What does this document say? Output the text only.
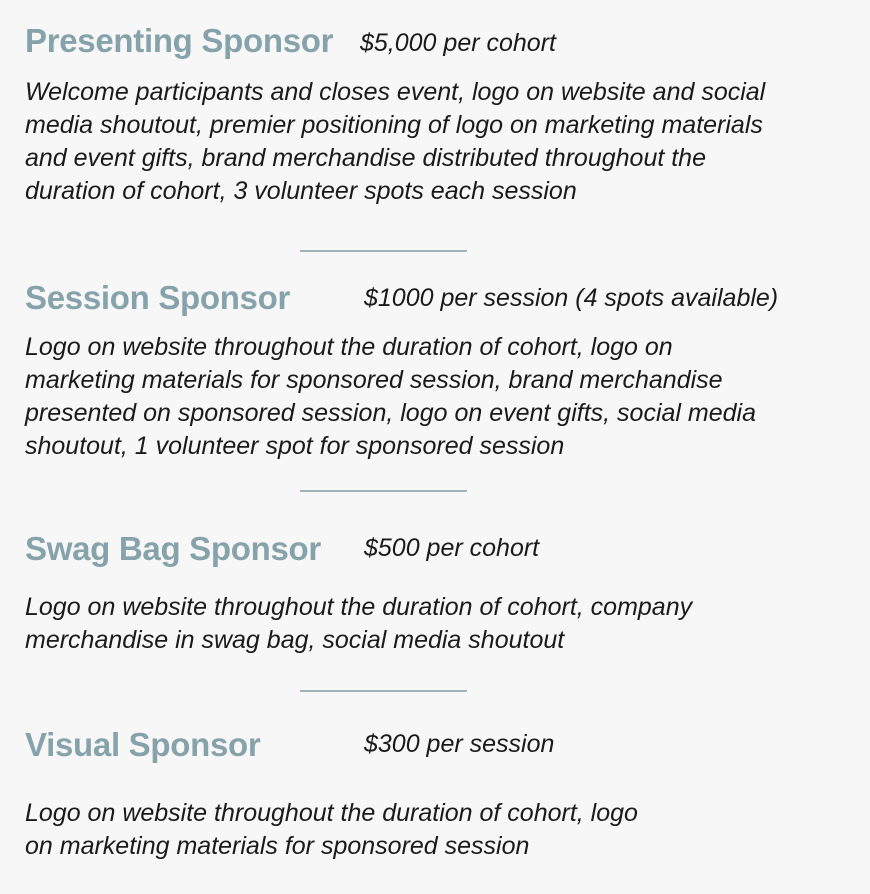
Presenting Sponsor $5,000 per cohort
Welcome participants and closes event, logo on website and social
media shoutout, premier positioning of logo on marketing materials
and event gifts, brand merchandise distributed throughout the
duration of cohort, 3 volunteer spots each session
Session Sponsor	$1000 per session (4 spots available)
Logo on website throughout the duration of cohort, logo on
marketing materials for sponsored session, brand merchandise
presented on sponsored session, logo on event gifts, social media
shoutout, 1 volunteer spot for sponsored session
Swag Bag Sponsor $500 per cohort
Logo on website throughout the duration of cohort, company
merchandise in swag bag, social media shoutout
Visual Sponsor	$300 per session
Logo on website throughout the duration of cohort, logo
on marketing materials for sponsored session
